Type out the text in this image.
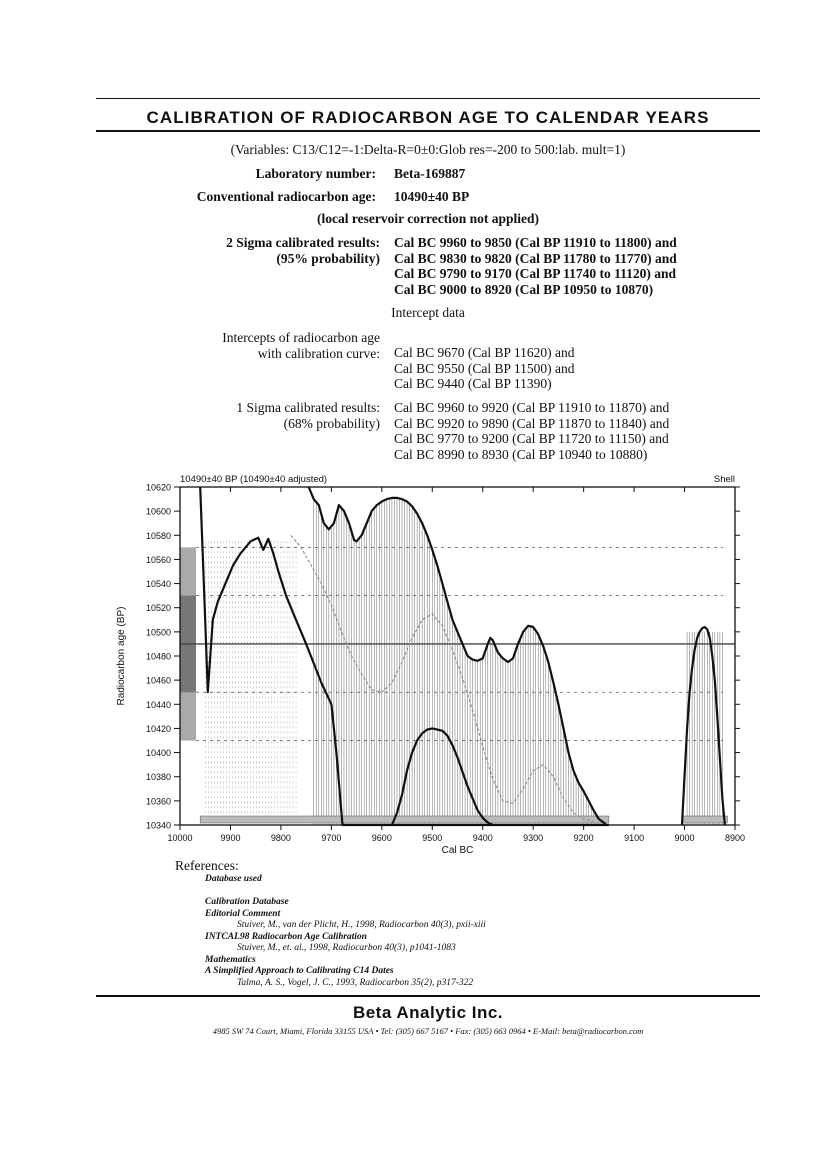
CALIBRATION OF RADIOCARBON AGE TO CALENDAR YEARS
(Variables: C13/C12=-1:Delta-R=0±0:Glob res=-200 to 500:lab. mult=1)
Laboratory number: Beta-169887
Conventional radiocarbon age: 10490±40 BP
(local reservoir correction not applied)
2 Sigma calibrated results:
(95% probability)
Cal BC 9960 to 9850 (Cal BP 11910 to 11800) and
Cal BC 9830 to 9820 (Cal BP 11780 to 11770) and
Cal BC 9790 to 9170 (Cal BP 11740 to 11120) and
Cal BC 9000 to 8920 (Cal BP 10950 to 10870)
Intercept data
Intercepts of radiocarbon age
with calibration curve: Cal BC 9670 (Cal BP 11620) and
Cal BC 9550 (Cal BP 11500) and
Cal BC 9440 (Cal BP 11390)
1 Sigma calibrated results:
(68% probability)
Cal BC 9960 to 9920 (Cal BP 11910 to 11870) and
Cal BC 9920 to 9890 (Cal BP 11870 to 11840) and
Cal BC 9770 to 9200 (Cal BP 11720 to 11150) and
Cal BC 8990 to 8930 (Cal BP 10940 to 10880)
10000	9900	9800	9700	9600	9500	9400	9300	9200	9100	9000	8900
10620
10600
10580
10560
10540
10520
10500
10480
10460
10440
10420
10400
10380
10360
10340
10490±40 BP (10490±40 adjusted)	Shell
Cal BC
Radiocarbon age (BP)
References:
Database used
Calibration Database
Editorial Comment
Stuiver, M., van der Plicht, H., 1998, Radiocarbon 40(3), pxii-xiii
INTCAL98 Radiocarbon Age Calibration
Stuiver, M., et. al., 1998, Radiocarbon 40(3), p1041-1083
Mathematics
A Simplified Approach to Calibrating C14 Dates
Talma, A. S., Vogel, J. C., 1993, Radiocarbon 35(2), p317-322
Beta Analytic Inc.
4985 SW 74 Court, Miami, Florida 33155 USA • Tel: (305) 667 5167 • Fax: (305) 663 0964 • E-Mail: beta@radiocarbon.com
